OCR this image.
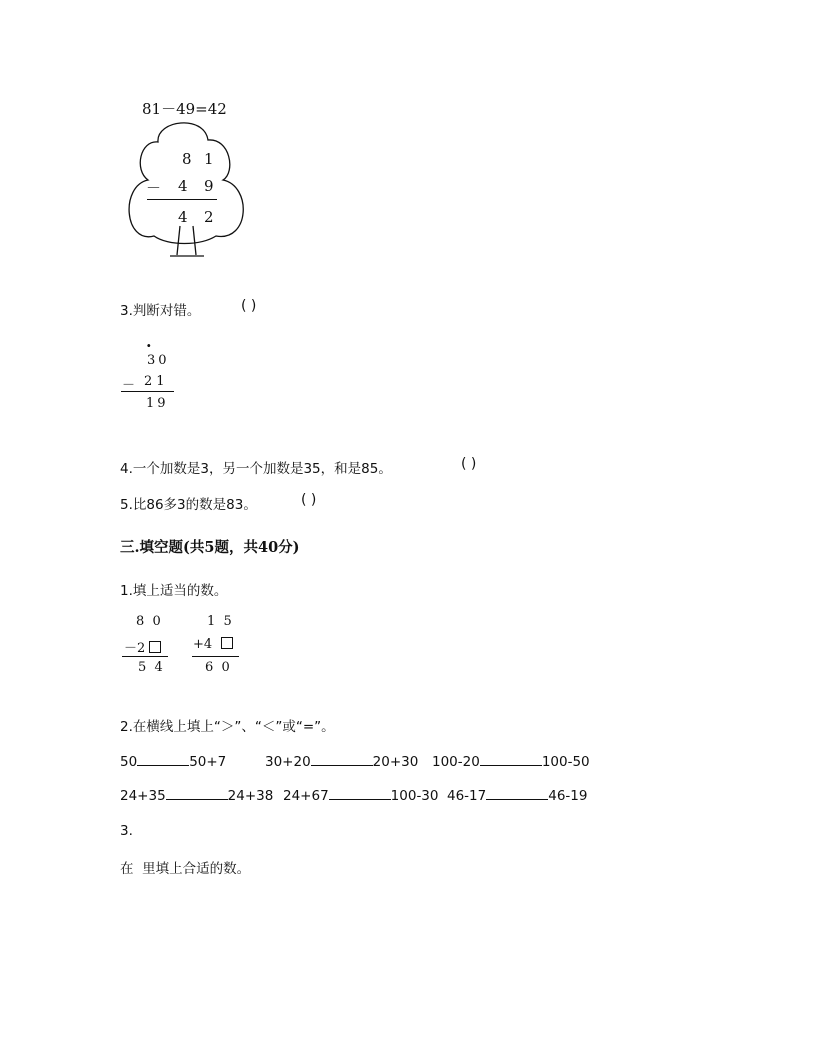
81－49=42
8 1
－ 4 9
4 2
3.判断对错。	( )
·
30
－ 21
19
4.一个加数是3，另一个加数是35，和是85。	( )
5.比86多3的数是83。	( )
三.填空题(共5题，共40分)
1.填上适当的数。
8  0
－2
5  4
1  5
+4
6  0
2.在横线上填上“＞”、“＜”或“=”。
50	50+7	30+20	20+30 100-20	100-50
24+35	24+38 24+67	100-30 46-17	46-19
3.
在  里填上合适的数。
